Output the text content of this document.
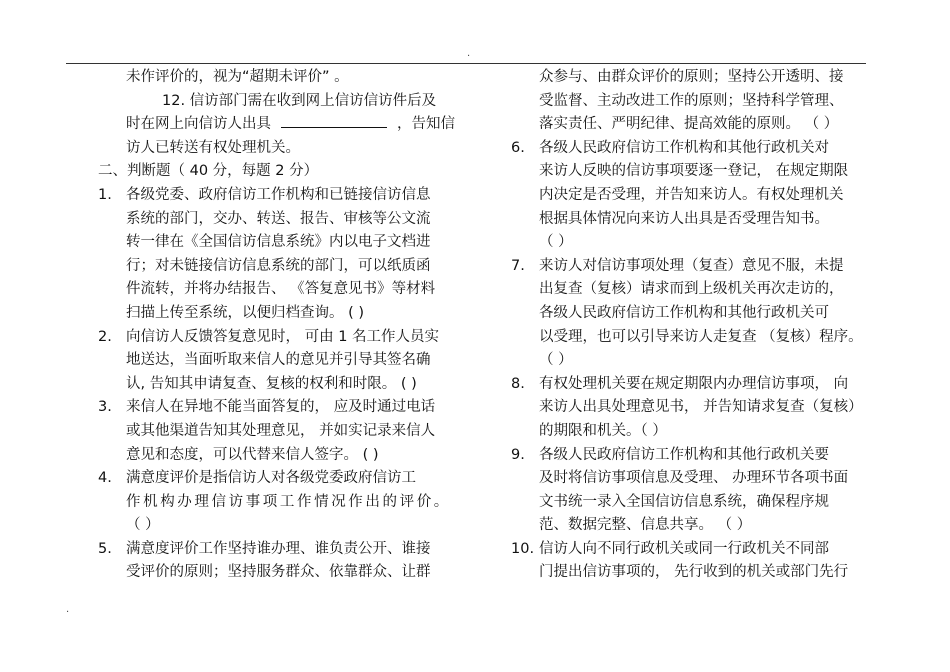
.
未作评价的，视为“超期未评价” 。
12. 信访部门需在收到网上信访信访件后及
时在网上向信访人出具	，告知信
访人已转送有权处理机关。
二、判断题（ 40 分，每题 2 分）
1. 各级党委、政府信访工作机构和已链接信访信息
系统的部门，交办、转送、报告、审核等公文流
转一律在《全国信访信息系统》内以电子文档进
行；对未链接信访信息系统的部门，可以纸质函
件流转，并将办结报告、 《答复意见书》等材料
扫描上传至系统，以便归档查询。 ( )
2. 向信访人反馈答复意见时， 可由 1 名工作人员实
地送达，当面听取来信人的意见并引导其签名确
认, 告知其申请复查、复核的权利和时限。 ( )
3. 来信人在异地不能当面答复的， 应及时通过电话
或其他渠道告知其处理意见， 并如实记录来信人
意见和态度，可以代替来信人签字。 ( )
4. 满意度评价是指信访人对各级党委政府信访工
作机构办理信访事项工作情况作出的评价。
（ ）
5. 满意度评价工作坚持谁办理、谁负责公开、谁接
受评价的原则；坚持服务群众、依靠群众、让群
众参与、由群众评价的原则；坚持公开透明、接
受监督、主动改进工作的原则；坚持科学管理、
落实责任、严明纪律、提高效能的原则。 （ ）
6. 各级人民政府信访工作机构和其他行政机关对
来访人反映的信访事项要逐一登记， 在规定期限
内决定是否受理，并告知来访人。有权处理机关
根据具体情况向来访人出具是否受理告知书。
（ ）
7. 来访人对信访事项处理（复查）意见不服，未提
出复查（复核）请求而到上级机关再次走访的，
各级人民政府信访工作机构和其他行政机关可
以受理，也可以引导来访人走复查 （复核）程序。
（ ）
8. 有权处理机关要在规定期限内办理信访事项， 向
来访人出具处理意见书， 并告知请求复查（复核）
的期限和机关。（ ）
9. 各级人民政府信访工作机构和其他行政机关要
及时将信访事项信息及受理、 办理环节各项书面
文书统一录入全国信访信息系统，确保程序规
范、数据完整、信息共享。 （ ）
10. 信访人向不同行政机关或同一行政机关不同部
门提出信访事项的， 先行收到的机关或部门先行
.
